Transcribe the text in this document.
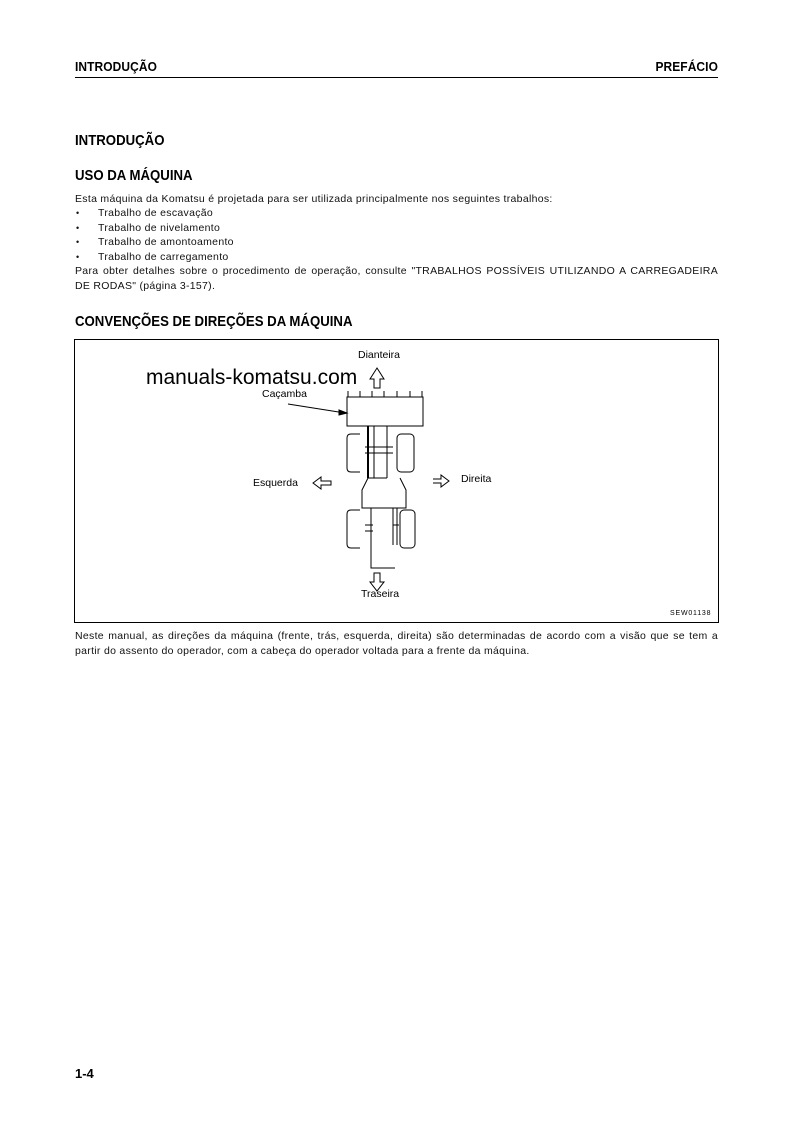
INTRODUÇÃO	PREFÁCIO
INTRODUÇÃO
USO DA MÁQUINA
Esta máquina da Komatsu é projetada para ser utilizada principalmente nos seguintes trabalhos:
• Trabalho de escavação
• Trabalho de nivelamento
• Trabalho de amontoamento
• Trabalho de carregamento
Para obter detalhes sobre o procedimento de operação, consulte "TRABALHOS POSSÍVEIS UTILIZANDO A CARREGADEIRA DE RODAS" (página 3-157).
CONVENÇÕES DE DIREÇÕES DA MÁQUINA
Dianteira
Caçamba
Esquerda	Direita
Traseira
SEW01138
manuals-komatsu.com
Neste manual, as direções da máquina (frente, trás, esquerda, direita) são determinadas de acordo com a visão que se tem a partir do assento do operador, com a cabeça do operador voltada para a frente da máquina.
1-4
